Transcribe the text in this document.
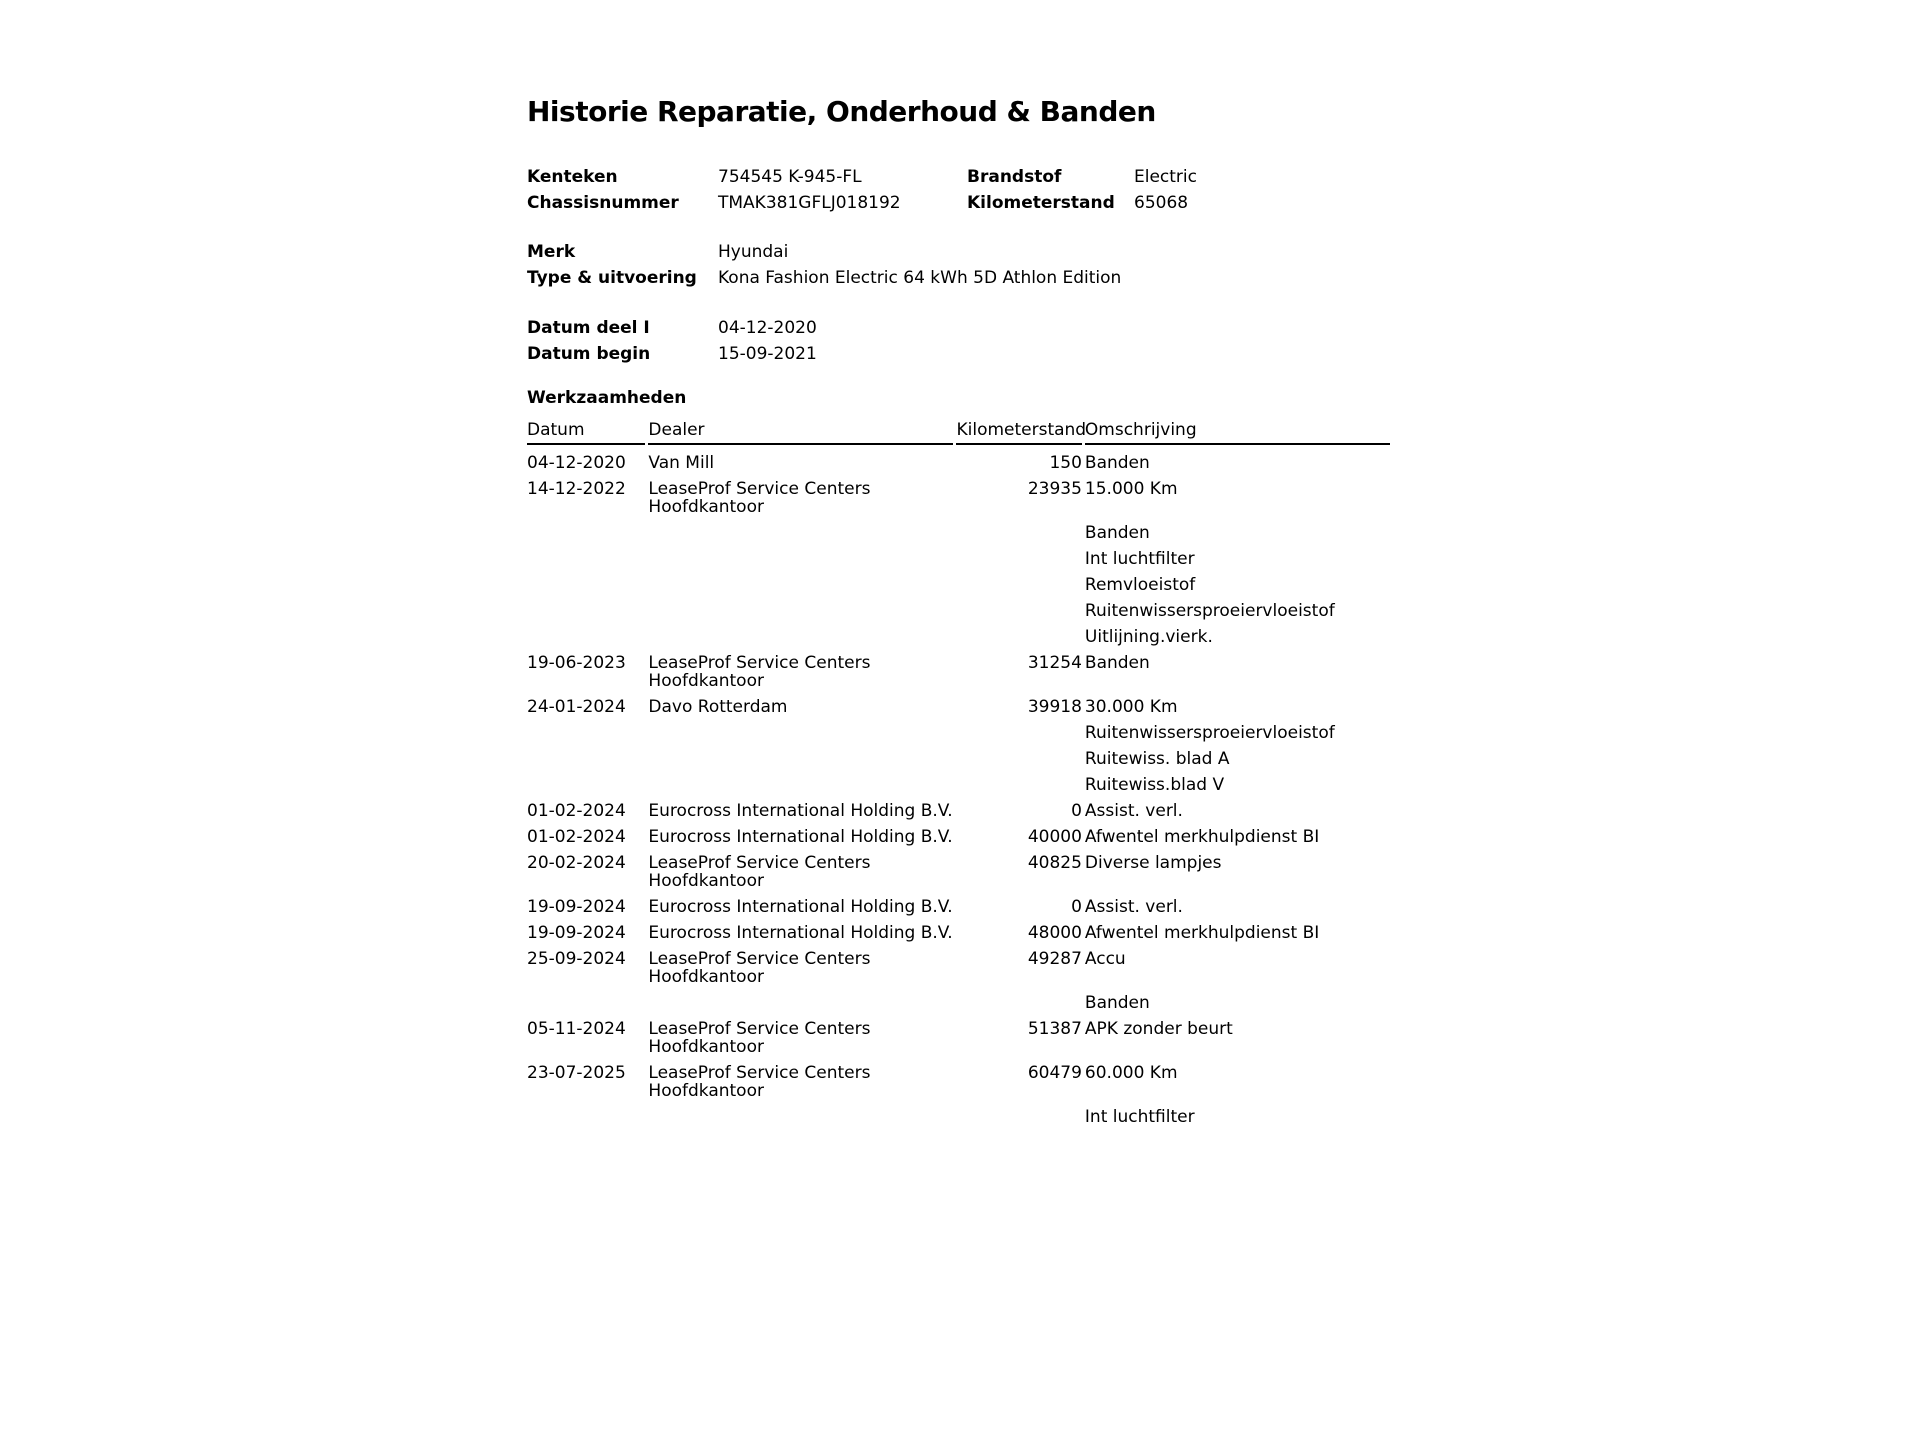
Historie Reparatie, Onderhoud & Banden
Kenteken	754545 K-945-FL	Brandstof	Electric
Chassisnummer	TMAK381GFLJ018192	Kilometerstand	65068
Merk	Hyundai
Type & uitvoering	Kona Fashion Electric 64 kWh 5D Athlon Edition
Datum deel I	04-12-2020
Datum begin	15-09-2021
Werkzaamheden
Datum	Dealer	Kilometerstand	Omschrijving
04-12-2020	Van Mill	150	Banden
14-12-2022	LeaseProf Service Centers Hoofdkantoor	23935	15.000 Km
			Banden
			Int luchtfilter
			Remvloeistof
			Ruitenwissersproeiervloeistof
			Uitlijning.vierk.
19-06-2023	LeaseProf Service Centers Hoofdkantoor	31254	Banden
24-01-2024	Davo Rotterdam	39918	30.000 Km
			Ruitenwissersproeiervloeistof
			Ruitewiss. blad A
			Ruitewiss.blad V
01-02-2024	Eurocross International Holding B.V.	0	Assist. verl.
01-02-2024	Eurocross International Holding B.V.	40000	Afwentel merkhulpdienst BI
20-02-2024	LeaseProf Service Centers Hoofdkantoor	40825	Diverse lampjes
19-09-2024	Eurocross International Holding B.V.	0	Assist. verl.
19-09-2024	Eurocross International Holding B.V.	48000	Afwentel merkhulpdienst BI
25-09-2024	LeaseProf Service Centers Hoofdkantoor	49287	Accu
			Banden
05-11-2024	LeaseProf Service Centers Hoofdkantoor	51387	APK zonder beurt
23-07-2025	LeaseProf Service Centers Hoofdkantoor	60479	60.000 Km
			Int luchtfilter
